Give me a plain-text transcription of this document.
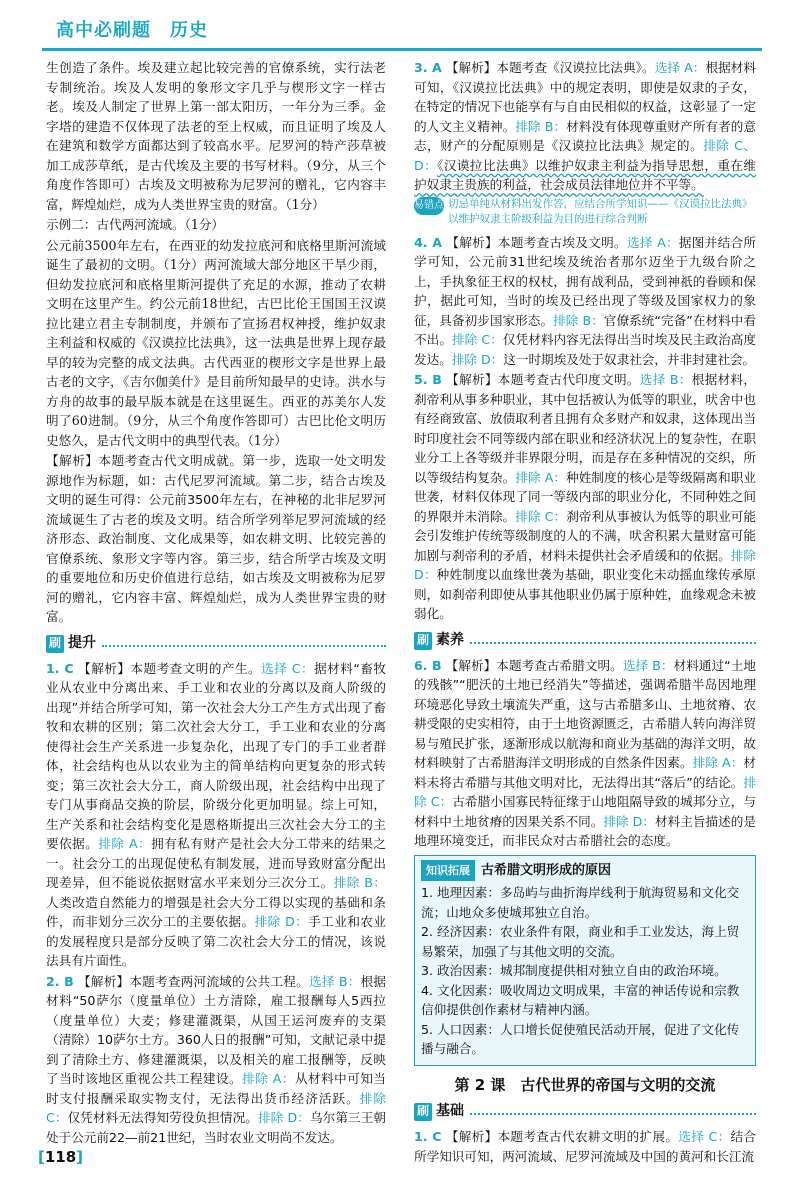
高中必刷题　历史

生创造了条件。埃及建立起比较完善的官僚系统，实行法老专制统治。埃及人发明的象形文字几乎与楔形文字一样古老。埃及人制定了世界上第一部太阳历，一年分为三季。金字塔的建造不仅体现了法老的至上权威，而且证明了埃及人在建筑和数学方面都达到了较高水平。尼罗河的特产莎草被加工成莎草纸，是古代埃及主要的书写材料。（9分，从三个角度作答即可）古埃及文明被称为尼罗河的赠礼，它内容丰富，辉煌灿烂，成为人类世界宝贵的财富。（1分）

示例二：古代两河流域。（1分）

公元前3500年左右，在西亚的幼发拉底河和底格里斯河流域诞生了最初的文明。（1分）两河流域大部分地区干旱少雨，但幼发拉底河和底格里斯河提供了充足的水源，推动了农耕文明在这里产生。约公元前18世纪，古巴比伦王国国王汉谟拉比建立君主专制制度，并颁布了宣扬君权神授，维护奴隶主利益和权威的《汉谟拉比法典》，这一法典是世界上现存最早的较为完整的成文法典。古代西亚的楔形文字是世界上最古老的文字，《吉尔伽美什》是目前所知最早的史诗。洪水与方舟的故事的最早版本就是在这里诞生。西亚的苏美尔人发明了60进制。（9分，从三个角度作答即可）古巴比伦文明历史悠久，是古代文明中的典型代表。（1分）

【解析】本题考查古代文明成就。第一步，选取一处文明发源地作为标题，如：古代尼罗河流域。第二步，结合古埃及文明的诞生可得：公元前3500年左右，在神秘的北非尼罗河流域诞生了古老的埃及文明。结合所学列举尼罗河流域的经济形态、政治制度、文化成果等，如农耕文明、比较完善的官僚系统、象形文字等内容。第三步，结合所学古埃及文明的重要地位和历史价值进行总结，如古埃及文明被称为尼罗河的赠礼，它内容丰富、辉煌灿烂，成为人类世界宝贵的财富。

刷 提升

1. C 【解析】本题考查文明的产生。选择 C：据材料“畜牧业从农业中分离出来、手工业和农业的分离以及商人阶级的出现”并结合所学可知，第一次社会大分工产生方式出现了畜牧和农耕的区别；第二次社会大分工，手工业和农业的分离使得社会生产关系进一步复杂化，出现了专门的手工业者群体，社会结构也从以农业为主的简单结构向更复杂的形式转变；第三次社会大分工，商人阶级出现，社会结构中出现了专门从事商品交换的阶层，阶级分化更加明显。综上可知，生产关系和社会结构变化是恩格斯提出三次社会大分工的主要依据。排除 A：拥有私有财产是社会大分工带来的结果之一。社会分工的出现促使私有制发展，进而导致财富分配出现差异，但不能说依据财富水平来划分三次分工。排除 B：人类改造自然能力的增强是社会大分工得以实现的基础和条件，而非划分三次分工的主要依据。排除 D：手工业和农业的发展程度只是部分反映了第二次社会大分工的情况，该说法具有片面性。

2. B 【解析】本题考查两河流域的公共工程。选择 B：根据材料“50萨尔（度量单位）土方清除，雇工报酬每人5西拉（度量单位）大麦；修建灌溉渠，从国王运河废弃的支渠（清除）10萨尔土方。360人日的报酬”可知，文献记录中提到了清除土方、修建灌溉渠，以及相关的雇工报酬等，反映了当时该地区重视公共工程建设。排除 A：从材料中可知当时支付报酬采取实物支付，无法得出货币经济活跃。排除 C：仅凭材料无法得知劳役负担情况。排除 D：乌尔第三王朝处于公元前22—前21世纪，当时农业文明尚不发达。

3. A 【解析】本题考查《汉谟拉比法典》。选择 A：根据材料可知，《汉谟拉比法典》中的规定表明，即使是奴隶的子女，在特定的情况下也能享有与自由民相似的权益，这彰显了一定的人文主义精神。排除 B：材料没有体现尊重财产所有者的意志，财产的分配原则是《汉谟拉比法典》规定的。排除 C、D：《汉谟拉比法典》以维护奴隶主利益为指导思想，重在维护奴隶主贵族的利益，社会成员法律地位并不平等。

易错点 切忌单纯从材料出发作答，应结合所学知识——《汉谟拉比法典》以维护奴隶主阶级利益为目的进行综合判断

4. A 【解析】本题考查古埃及文明。选择 A：据图并结合所学可知，公元前31世纪埃及统治者那尔迈坐于九级台阶之上，手执象征王权的权杖，拥有战利品，受到神祇的眷顾和保护，据此可知，当时的埃及已经出现了等级及国家权力的象征，具备初步国家形态。排除 B：官僚系统“完备”在材料中看不出。排除 C：仅凭材料内容无法得出当时埃及民主政治高度发达。排除 D：这一时期埃及处于奴隶社会，并非封建社会。

5. B 【解析】本题考查古代印度文明。选择 B：根据材料，刹帝利从事多种职业，其中包括被认为低等的职业，吠舍中也有经商致富、放债取利者且拥有众多财产和奴隶，这体现出当时印度社会不同等级内部在职业和经济状况上的复杂性，在职业分工上各等级并非界限分明，而是存在多种情况的交织，所以等级结构复杂。排除 A：种姓制度的核心是等级隔离和职业世袭，材料仅体现了同一等级内部的职业分化，不同种姓之间的界限并未消除。排除 C：刹帝利从事被认为低等的职业可能会引发维护传统等级制度的人的不满，吠舍积累大量财富可能加剧与刹帝利的矛盾，材料未提供社会矛盾缓和的依据。排除 D：种姓制度以血缘世袭为基础，职业变化未动摇血缘传承原则，如刹帝利即使从事其他职业仍属于原种姓，血缘观念未被弱化。

刷 素养

6. B 【解析】本题考查古希腊文明。选择 B：材料通过“土地的残骸”“肥沃的土地已经消失”等描述，强调希腊半岛因地理环境恶化导致土壤流失严重，这与古希腊多山、土地贫瘠、农耕受限的史实相符，由于土地资源匮乏，古希腊人转向海洋贸易与殖民扩张，逐渐形成以航海和商业为基础的海洋文明，故材料映射了古希腊海洋文明形成的自然条件因素。排除 A：材料未将古希腊与其他文明对比，无法得出其“落后”的结论。排除 C：古希腊小国寡民特征缘于山地阻隔导致的城邦分立，与材料中土地贫瘠的因果关系不同。排除 D：材料主旨描述的是地理环境变迁，而非民众对古希腊社会的态度。

知识拓展 古希腊文明形成的原因
1. 地理因素：多岛屿与曲折海岸线利于航海贸易和文化交流；山地众多使城邦独立自治。
2. 经济因素：农业条件有限，商业和手工业发达，海上贸易繁荣，加强了与其他文明的交流。
3. 政治因素：城邦制度提供相对独立自由的政治环境。
4. 文化因素：吸收周边文明成果，丰富的神话传说和宗教信仰提供创作素材与精神内涵。
5. 人口因素：人口增长促使殖民活动开展，促进了文化传播与融合。
第 2 课　古代世界的帝国与文明的交流
刷 基础

1. C 【解析】本题考查古代农耕文明的扩展。选择 C：结合所学知识可知，两河流域、尼罗河流域及中国的黄河和长江流

[118]
